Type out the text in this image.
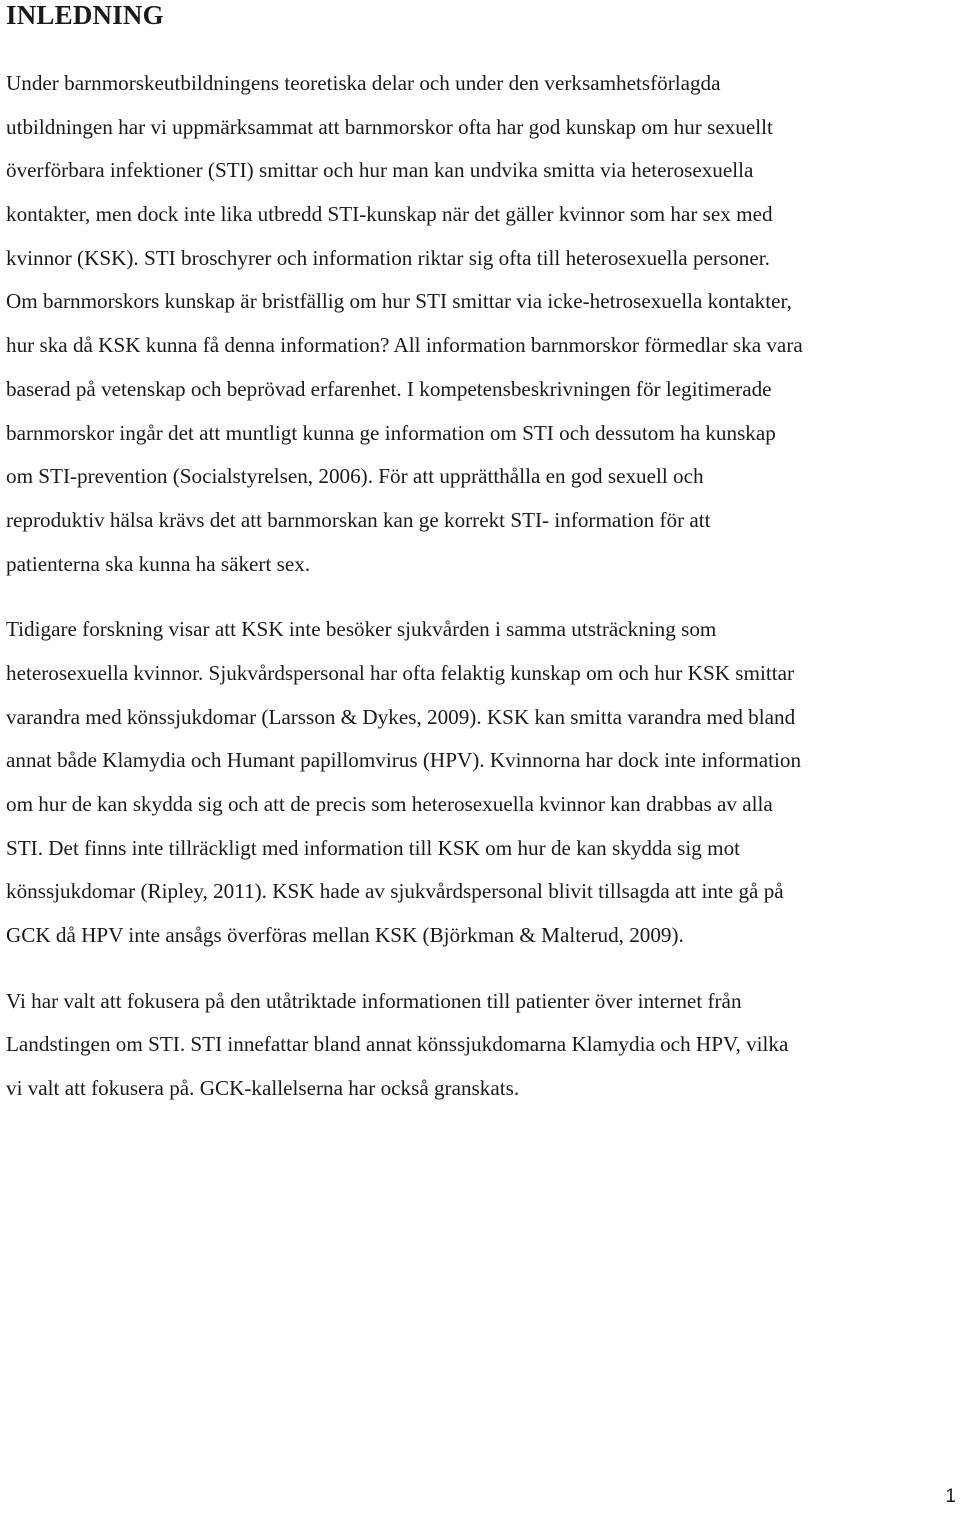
INLEDNING

Under barnmorskeutbildningens teoretiska delar och under den verksamhetsförlagda
utbildningen har vi uppmärksammat att barnmorskor ofta har god kunskap om hur sexuellt
överförbara infektioner (STI) smittar och hur man kan undvika smitta via heterosexuella
kontakter, men dock inte lika utbredd STI-kunskap när det gäller kvinnor som har sex med
kvinnor (KSK). STI broschyrer och information riktar sig ofta till heterosexuella personer.
Om barnmorskors kunskap är bristfällig om hur STI smittar via icke-hetrosexuella kontakter,
hur ska då KSK kunna få denna information? All information barnmorskor förmedlar ska vara
baserad på vetenskap och beprövad erfarenhet. I kompetensbeskrivningen för legitimerade
barnmorskor ingår det att muntligt kunna ge information om STI och dessutom ha kunskap
om STI-prevention (Socialstyrelsen, 2006). För att upprätthålla en god sexuell och
reproduktiv hälsa krävs det att barnmorskan kan ge korrekt STI- information för att
patienterna ska kunna ha säkert sex.

Tidigare forskning visar att KSK inte besöker sjukvården i samma utsträckning som
heterosexuella kvinnor. Sjukvårdspersonal har ofta felaktig kunskap om och hur KSK smittar
varandra med könssjukdomar (Larsson & Dykes, 2009). KSK kan smitta varandra med bland
annat både Klamydia och Humant papillomvirus (HPV). Kvinnorna har dock inte information
om hur de kan skydda sig och att de precis som heterosexuella kvinnor kan drabbas av alla
STI. Det finns inte tillräckligt med information till KSK om hur de kan skydda sig mot
könssjukdomar (Ripley, 2011). KSK hade av sjukvårdspersonal blivit tillsagda att inte gå på
GCK då HPV inte ansågs överföras mellan KSK (Björkman & Malterud, 2009).

Vi har valt att fokusera på den utåtriktade informationen till patienter över internet från
Landstingen om STI. STI innefattar bland annat könssjukdomarna Klamydia och HPV, vilka
vi valt att fokusera på. GCK-kallelserna har också granskats.

1
